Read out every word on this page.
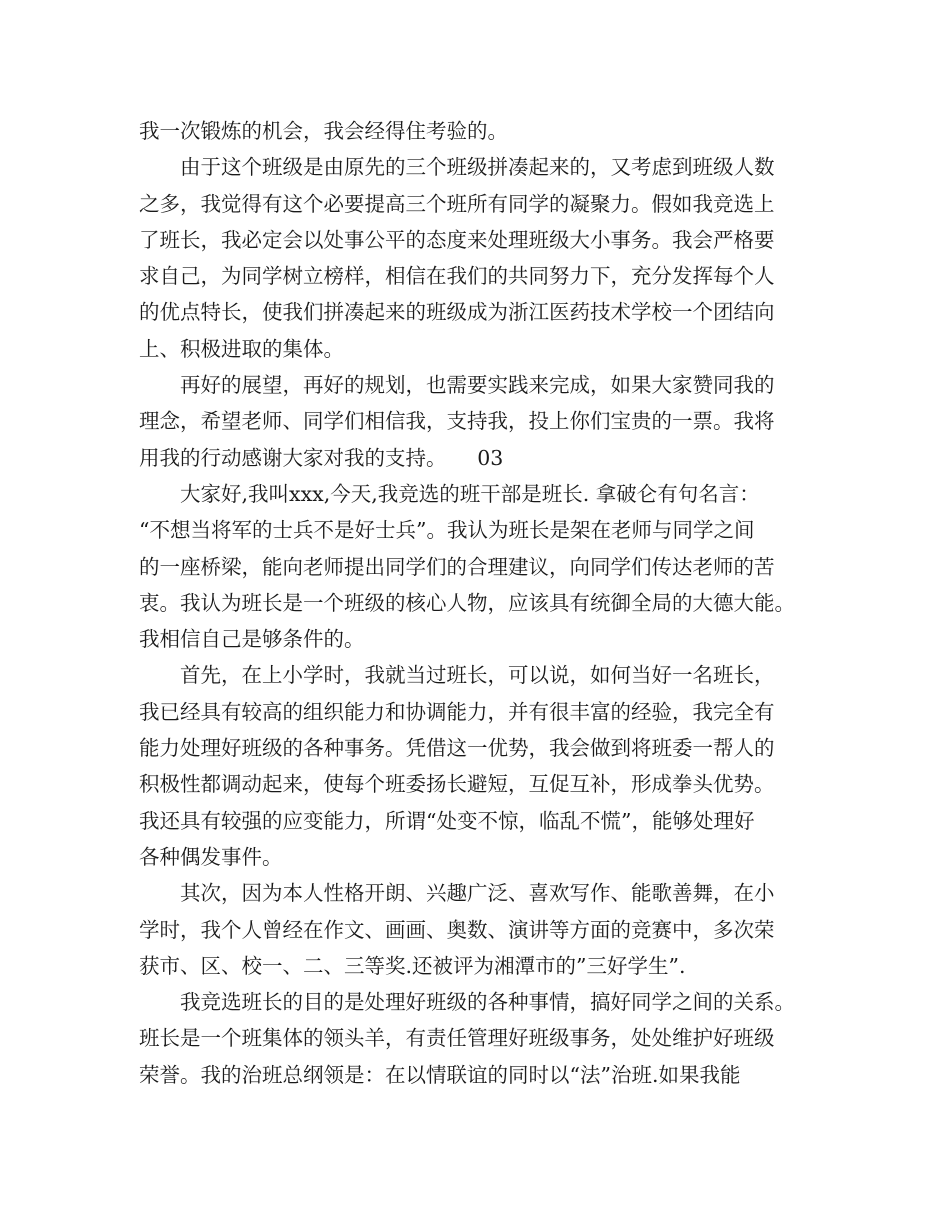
我一次锻炼的机会，我会经得住考验的。
　　由于这个班级是由原先的三个班级拼凑起来的，又考虑到班级人数
之多，我觉得有这个必要提高三个班所有同学的凝聚力。假如我竞选上
了班长，我必定会以处事公平的态度来处理班级大小事务。我会严格要
求自己，为同学树立榜样，相信在我们的共同努力下，充分发挥每个人
的优点特长，使我们拼凑起来的班级成为浙江医药技术学校一个团结向
上、积极进取的集体。
　　再好的展望，再好的规划，也需要实践来完成，如果大家赞同我的
理念，希望老师、同学们相信我，支持我，投上你们宝贵的一票。我将
用我的行动感谢大家对我的支持。　　03
　　大家好,我叫xxx,今天,我竞选的班干部是班长. 拿破仑有句名言：
“不想当将军的士兵不是好士兵”。我认为班长是架在老师与同学之间
的一座桥梁，能向老师提出同学们的合理建议，向同学们传达老师的苦
衷。我认为班长是一个班级的核心人物，应该具有统御全局的大德大能。
我相信自己是够条件的。
　　首先，在上小学时，我就当过班长，可以说，如何当好一名班长，
我已经具有较高的组织能力和协调能力，并有很丰富的经验，我完全有
能力处理好班级的各种事务。凭借这一优势，我会做到将班委一帮人的
积极性都调动起来，使每个班委扬长避短，互促互补，形成拳头优势。
我还具有较强的应变能力，所谓“处变不惊，临乱不慌”，能够处理好
各种偶发事件。
　　其次，因为本人性格开朗、兴趣广泛、喜欢写作、能歌善舞，在小
学时，我个人曾经在作文、画画、奥数、演讲等方面的竞赛中，多次荣
获市、区、校一、二、三等奖.还被评为湘潭市的”三好学生”.
　　我竞选班长的目的是处理好班级的各种事情，搞好同学之间的关系。
班长是一个班集体的领头羊，有责任管理好班级事务，处处维护好班级
荣誉。我的治班总纲领是：在以情联谊的同时以“法”治班.如果我能
